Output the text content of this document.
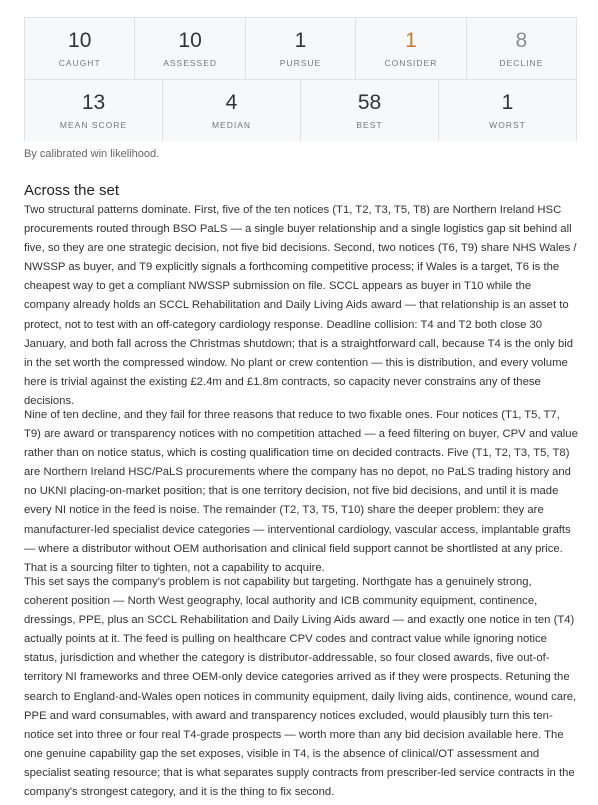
10
CAUGHT
10
ASSESSED
1
PURSUE
1
CONSIDER
8
DECLINE
13
MEAN SCORE
4
MEDIAN
58
BEST
1
WORST
By calibrated win likelihood.
Across the set

Two structural patterns dominate. First, five of the ten notices (T1, T2, T3, T5, T8) are Northern Ireland HSC procurements routed through BSO PaLS — a single buyer relationship and a single logistics gap sit behind all five, so they are one strategic decision, not five bid decisions. Second, two notices (T6, T9) share NHS Wales / NWSSP as buyer, and T9 explicitly signals a forthcoming competitive process; if Wales is a target, T6 is the cheapest way to get a compliant NWSSP submission on file. SCCL appears as buyer in T10 while the company already holds an SCCL Rehabilitation and Daily Living Aids award — that relationship is an asset to protect, not to test with an off-category cardiology response. Deadline collision: T4 and T2 both close 30 January, and both fall across the Christmas shutdown; that is a straightforward call, because T4 is the only bid in the set worth the compressed window. No plant or crew contention — this is distribution, and every volume here is trivial against the existing £2.4m and £1.8m contracts, so capacity never constrains any of these decisions.

Nine of ten decline, and they fail for three reasons that reduce to two fixable ones. Four notices (T1, T5, T7, T9) are award or transparency notices with no competition attached — a feed filtering on buyer, CPV and value rather than on notice status, which is costing qualification time on decided contracts. Five (T1, T2, T3, T5, T8) are Northern Ireland HSC/PaLS procurements where the company has no depot, no PaLS trading history and no UKNI placing-on-market position; that is one territory decision, not five bid decisions, and until it is made every NI notice in the feed is noise. The remainder (T2, T3, T5, T10) share the deeper problem: they are manufacturer-led specialist device categories — interventional cardiology, vascular access, implantable grafts — where a distributor without OEM authorisation and clinical field support cannot be shortlisted at any price. That is a sourcing filter to tighten, not a capability to acquire.

This set says the company's problem is not capability but targeting. Northgate has a genuinely strong, coherent position — North West geography, local authority and ICB community equipment, continence, dressings, PPE, plus an SCCL Rehabilitation and Daily Living Aids award — and exactly one notice in ten (T4) actually points at it. The feed is pulling on healthcare CPV codes and contract value while ignoring notice status, jurisdiction and whether the category is distributor-addressable, so four closed awards, five out-of-territory NI frameworks and three OEM-only device categories arrived as if they were prospects. Retuning the search to England-and-Wales open notices in community equipment, daily living aids, continence, wound care, PPE and ward consumables, with award and transparency notices excluded, would plausibly turn this ten-notice set into three or four real T4-grade prospects — worth more than any bid decision available here. The one genuine capability gap the set exposes, visible in T4, is the absence of clinical/OT assessment and specialist seating resource; that is what separates supply contracts from prescriber-led service contracts in the company's strongest category, and it is the thing to fix second.
